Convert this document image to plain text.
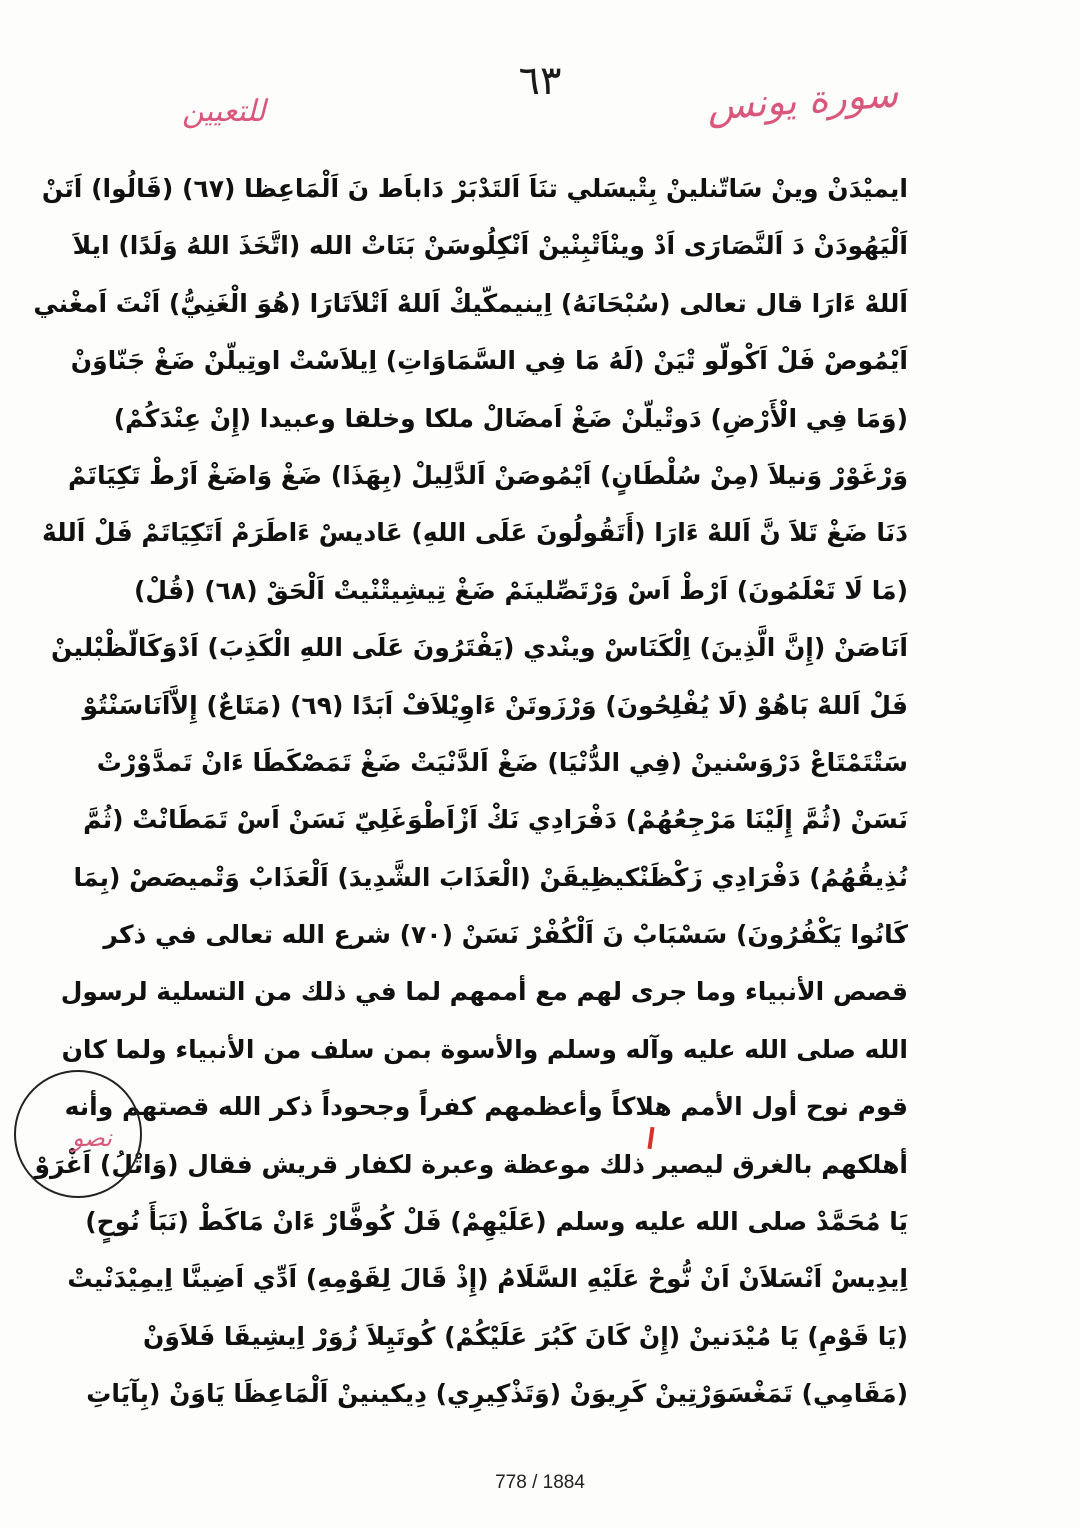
٦٣	سورة يونس
للتعيين
ايميْدَنْ وينْ سَاتّنلينْ بِتْيسَلي تنَاَ اَلتَدْبَرْ دَاباَط نَ اَلْمَاعِظا (٦٧) (قَالُوا) اَتَنْ
اَلْيَهُودَنْ دَ اَلنَّصَارَى اَدْ وينْاَتْبِنْينْ اَنْكِلُوسَنْ بَنَاتْ الله (اتَّخَذَ اللهُ وَلَدًا) ايلاَ
اَللهْ ءَارَا قال تعالى (سُبْحَانَهُ) اِينيمكّيكْ اَللهْ اَتْلاَتَارَا (هُوَ الْغَنِيُّ) اَنْتَ اَمغْني
اَيْمُوصْ فَلْ اَكْولّو تْيَنْ (لَهُ مَا فِي السَّمَاوَاتِ) اِيلاَسْتْ اوتِيلّنْ ضَغْ جَنّاوَنْ
(وَمَا فِي الْأَرْضِ) دَوتْيلّنْ ضَغْ اَمضَالْ ملكا وخلقا وعبيدا (إِنْ عِنْدَكُمْ)
وَرْغَوْرْ وَنيلاَ (مِنْ سُلْطَانٍ) اَيْمُوصَنْ اَلدَّلِيلْ (بِهَذَا) ضَغْ وَاضَغْ اَرْطْ تَكِيَاتَمْ
دَنَا ضَغْ تَلاَ نَّ اَللهْ ءَارَا (أَتَقُولُونَ عَلَى اللهِ) عَاديسْ ءَاطَرَمْ اَتَكِيَاتَمْ فَلْ اَللهْ
(مَا لَا تَعْلَمُونَ) اَرْطْ اَسْ وَرْتَصِّلينَمْ ضَغْ تِيشِيتْنْيتْ اَلْحَقْ (٦٨) (قُلْ)
اَنَاصَنْ (إِنَّ الَّذِينَ) اِلْكَنَاسْ وينْدي (يَفْتَرُونَ عَلَى اللهِ الْكَذِبَ) اَدْوَكَالّظْبْلينْ
فَلْ اَللهْ بَاهُوْ (لَا يُفْلِحُونَ) وَرْزَوتَنْ ءَاوِيْلاَفْ اَبَدًا (٦٩) (مَتَاعٌ) إِلاَّاَنَاسَنْتُوْ
سَتْتَمْتَاعْ دَرْوَسْنينْ (فِي الدُّنْيَا) ضَغْ اَلدَّنْيَتْ ضَغْ تَمَصْكَطَا ءَانْ تَمدَّوْرْتْ
نَسَنْ (ثُمَّ إِلَيْنَا مَرْجِعُهُمْ) دَفْرَادِي نَكْ اَزْاَطْوَغَلِيّ نَسَنْ اَسْ تَمَطَانْتْ (ثُمَّ
نُذِيقُهُمُ) دَفْرَادِي زَكْظَنْكيظِيقَنْ (الْعَذَابَ الشَّدِيدَ) اَلْعَذَابْ وَتْميصَصْ (بِمَا
كَانُوا يَكْفُرُونَ) سَسْبَابْ نَ اَلْكُفْرْ نَسَنْ (٧٠) شرع الله تعالى في ذكر
قصص الأنبياء وما جرى لهم مع أممهم لما في ذلك من التسلية لرسول
الله صلى الله عليه وآله وسلم والأسوة بمن سلف من الأنبياء ولما كان
قوم نوح أول الأمم هلاكاً وأعظمهم كفراً وجحوداً ذكر الله قصتهم وأنه
أهلكهم بالغرق ليصير ذلك موعظة وعبرة لكفار قريش فقال (وَاتْلُ) اَغْرَوْ
يَا مُحَمَّدْ صلى الله عليه وسلم (عَلَيْهِمْ) فَلْ كُوفَّارْ ءَانْ مَاكَطْ (نَبَأَ نُوحٍ)
اِيدِيسْ اَنْسَلاَنْ اَنْ نُّوحْ عَلَيْهِ السَّلَامُ (إِذْ قَالَ لِقَوْمِهِ) اَدِّي اَضِينَّا اِيمِيْدَنْيتْ
(يَا قَوْمِ) يَا مُيْدَنينْ (إِنْ كَانَ كَبُرَ عَلَيْكُمْ) كُوتَيِلاَ زُوَرْ اِيشِيقَا فَلاَوَنْ
(مَقَامِي) تَمَغْسَوَرْتِينْ كَرِيوَنْ (وَتَذْكِيرِي) دِيكينينْ اَلْمَاعِظَا يَاوَنْ (بِآيَاتِ
نصو
778 / 1884
